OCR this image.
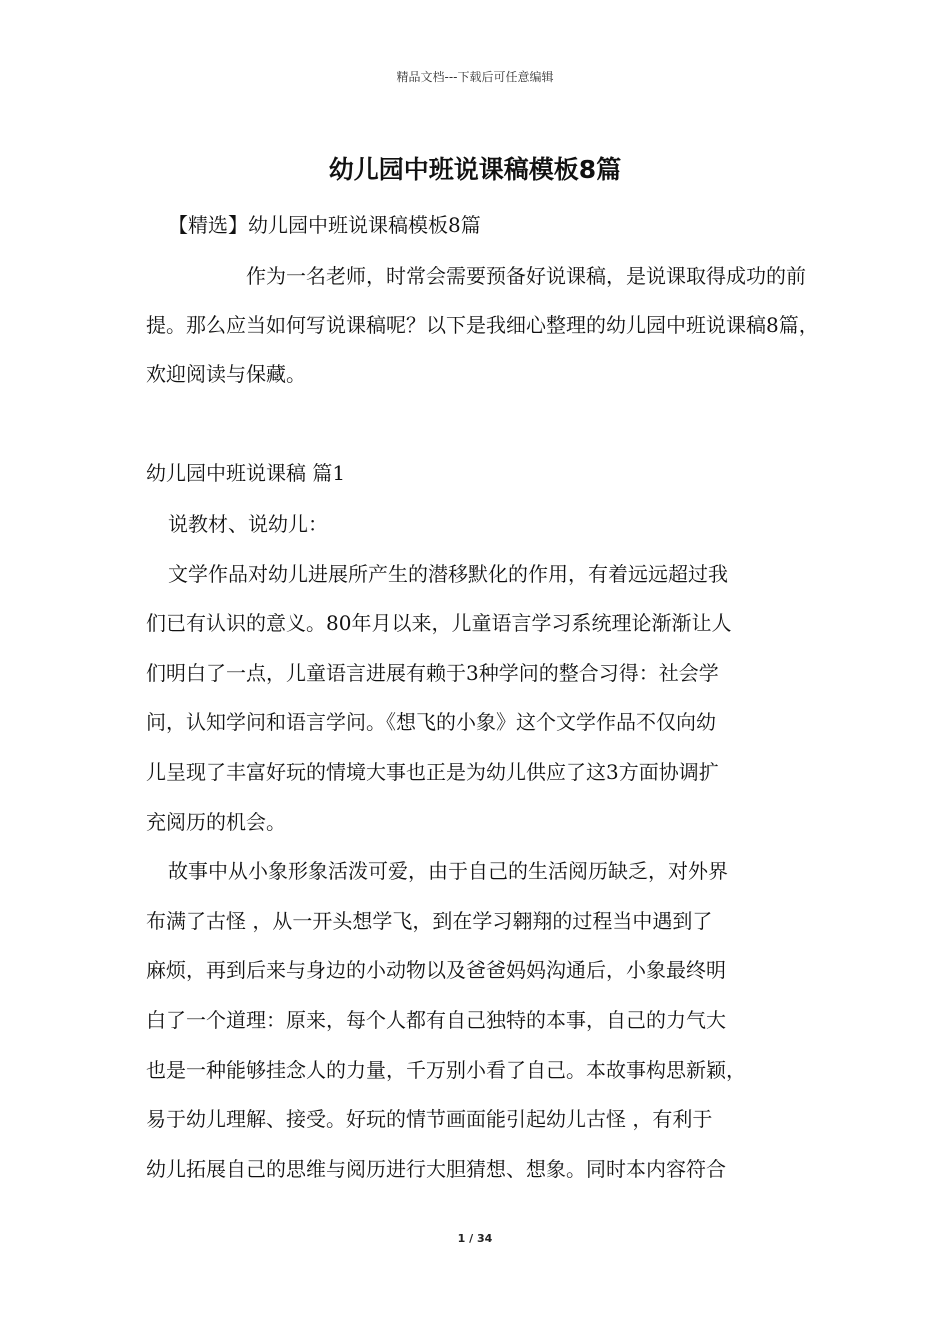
精品文档---下载后可任意编辑
幼儿园中班说课稿模板8篇
【精选】幼儿园中班说课稿模板8篇

作为一名老师，时常会需要预备好说课稿，是说课取得成功的前提。那么应当如何写说课稿呢？以下是我细心整理的幼儿园中班说课稿8篇，欢迎阅读与保藏。

幼儿园中班说课稿 篇1
说教材、说幼儿：
文学作品对幼儿进展所产生的潜移默化的作用，有着远远超过我
们已有认识的意义。80年月以来，儿童语言学习系统理论渐渐让人
们明白了一点，儿童语言进展有赖于3种学问的整合习得：社会学
问，认知学问和语言学问。《想飞的小象》这个文学作品不仅向幼
儿呈现了丰富好玩的情境大事也正是为幼儿供应了这3方面协调扩
充阅历的机会。
故事中从小象形象活泼可爱，由于自己的生活阅历缺乏，对外界
布满了古怪 ，从一开头想学飞，到在学习翱翔的过程当中遇到了
麻烦，再到后来与身边的小动物以及爸爸妈妈沟通后，小象最终明
白了一个道理：原来，每个人都有自己独特的本事，自己的力气大
也是一种能够挂念人的力量，千万别小看了自己。本故事构思新颖，
易于幼儿理解、接受。好玩的情节画面能引起幼儿古怪 ，有利于
幼儿拓展自己的思维与阅历进行大胆猜想、想象。同时本内容符合
1 / 34
